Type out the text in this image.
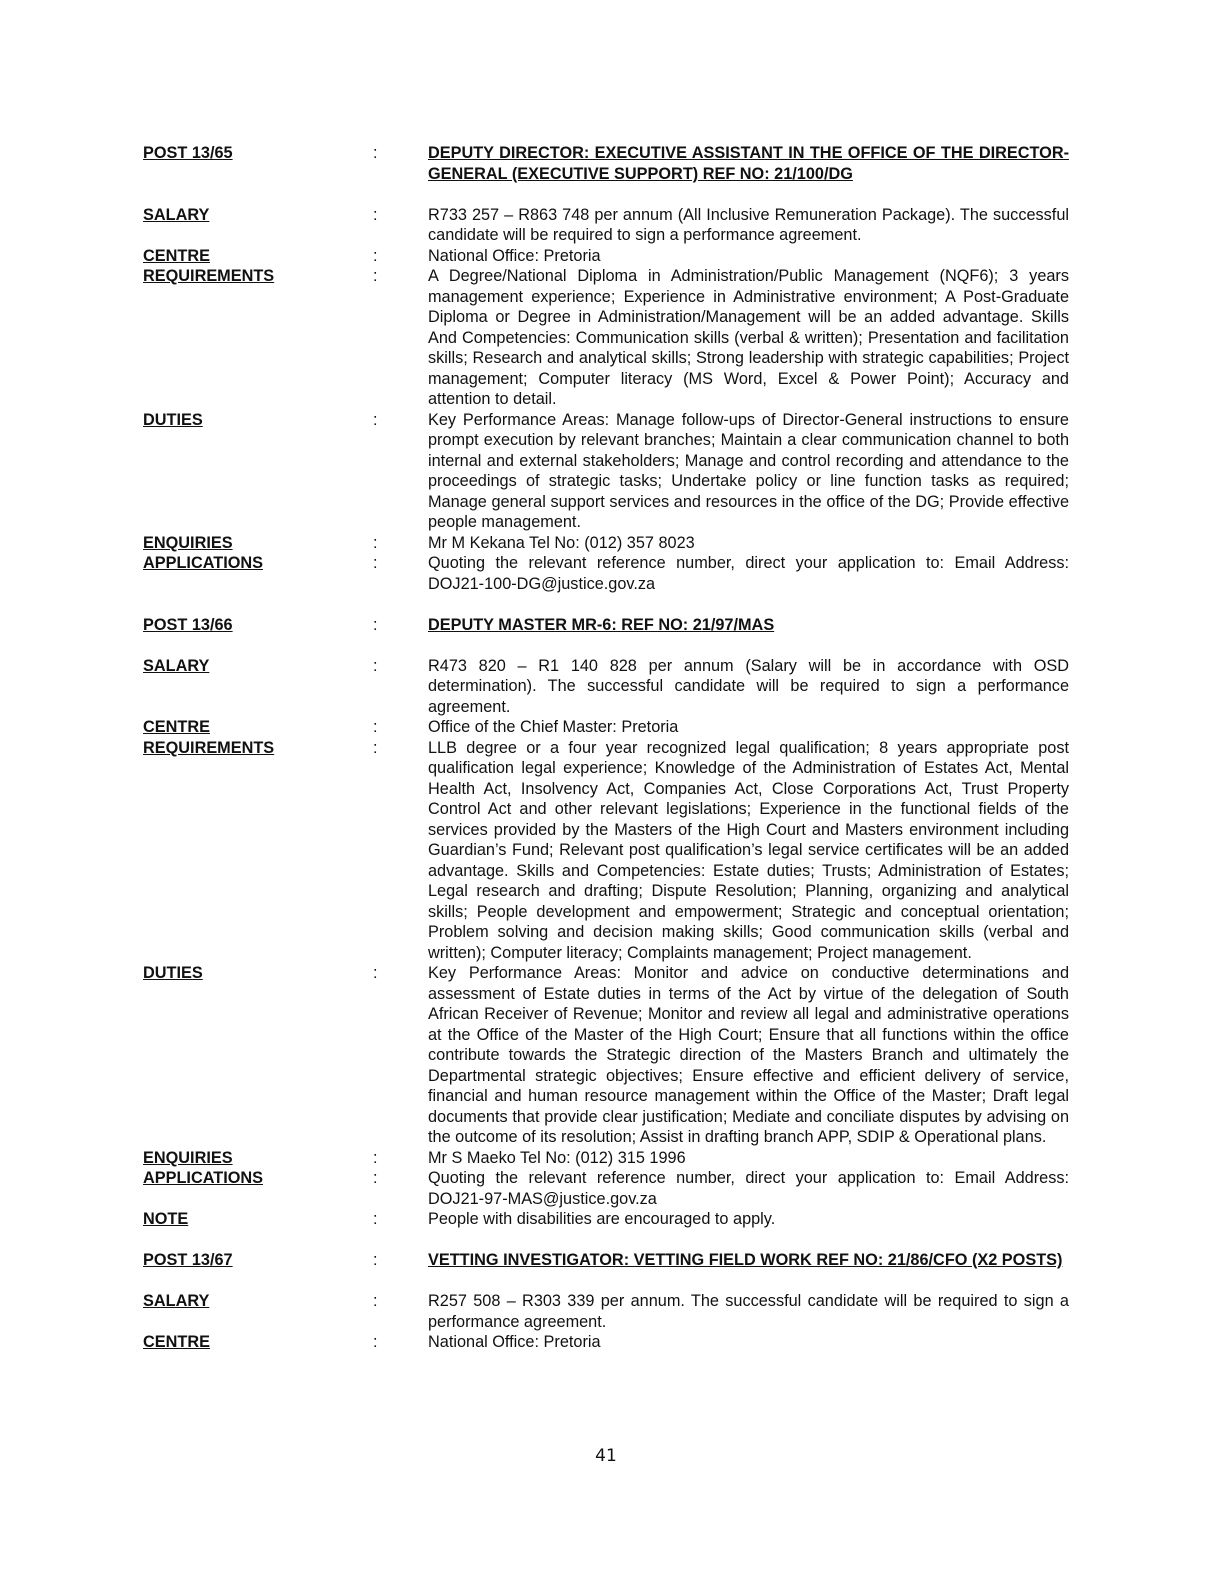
POST 13/65	:	DEPUTY DIRECTOR: EXECUTIVE ASSISTANT IN THE OFFICE OF THE DIRECTOR-GENERAL (EXECUTIVE SUPPORT) REF NO: 21/100/DG
SALARY	:	R733 257 – R863 748 per annum (All Inclusive Remuneration Package). The successful candidate will be required to sign a performance agreement.
CENTRE	:	National Office: Pretoria
REQUIREMENTS	:	A Degree/National Diploma in Administration/Public Management (NQF6); 3 years management experience; Experience in Administrative environment; A Post-Graduate Diploma or Degree in Administration/Management will be an added advantage. Skills And Competencies: Communication skills (verbal & written); Presentation and facilitation skills; Research and analytical skills; Strong leadership with strategic capabilities; Project management; Computer literacy (MS Word, Excel & Power Point); Accuracy and attention to detail.
DUTIES	:	Key Performance Areas: Manage follow-ups of Director-General instructions to ensure prompt execution by relevant branches; Maintain a clear communication channel to both internal and external stakeholders; Manage and control recording and attendance to the proceedings of strategic tasks; Undertake policy or line function tasks as required; Manage general support services and resources in the office of the DG; Provide effective people management.
ENQUIRIES	:	Mr M Kekana Tel No: (012) 357 8023
APPLICATIONS	:	Quoting the relevant reference number, direct your application to: Email Address: DOJ21-100-DG@justice.gov.za
POST 13/66	:	DEPUTY MASTER MR-6: REF NO: 21/97/MAS
SALARY	:	R473 820 – R1 140 828 per annum (Salary will be in accordance with OSD determination). The successful candidate will be required to sign a performance agreement.
CENTRE	:	Office of the Chief Master: Pretoria
REQUIREMENTS	:	LLB degree or a four year recognized legal qualification; 8 years appropriate post qualification legal experience; Knowledge of the Administration of Estates Act, Mental Health Act, Insolvency Act, Companies Act, Close Corporations Act, Trust Property Control Act and other relevant legislations; Experience in the functional fields of the services provided by the Masters of the High Court and Masters environment including Guardian’s Fund; Relevant post qualification’s legal service certificates will be an added advantage. Skills and Competencies: Estate duties; Trusts; Administration of Estates; Legal research and drafting; Dispute Resolution; Planning, organizing and analytical skills; People development and empowerment; Strategic and conceptual orientation; Problem solving and decision making skills; Good communication skills (verbal and written); Computer literacy; Complaints management; Project management.
DUTIES	:	Key Performance Areas: Monitor and advice on conductive determinations and assessment of Estate duties in terms of the Act by virtue of the delegation of South African Receiver of Revenue; Monitor and review all legal and administrative operations at the Office of the Master of the High Court; Ensure that all functions within the office contribute towards the Strategic direction of the Masters Branch and ultimately the Departmental strategic objectives; Ensure effective and efficient delivery of service, financial and human resource management within the Office of the Master; Draft legal documents that provide clear justification; Mediate and conciliate disputes by advising on the outcome of its resolution; Assist in drafting branch APP, SDIP & Operational plans.
ENQUIRIES	:	Mr S Maeko Tel No: (012) 315 1996
APPLICATIONS	:	Quoting the relevant reference number, direct your application to: Email Address: DOJ21-97-MAS@justice.gov.za
NOTE	:	People with disabilities are encouraged to apply.
POST 13/67	:	VETTING INVESTIGATOR: VETTING FIELD WORK REF NO: 21/86/CFO (X2 POSTS)
SALARY	:	R257 508 – R303 339 per annum. The successful candidate will be required to sign a performance agreement.
CENTRE	:	National Office: Pretoria
41
